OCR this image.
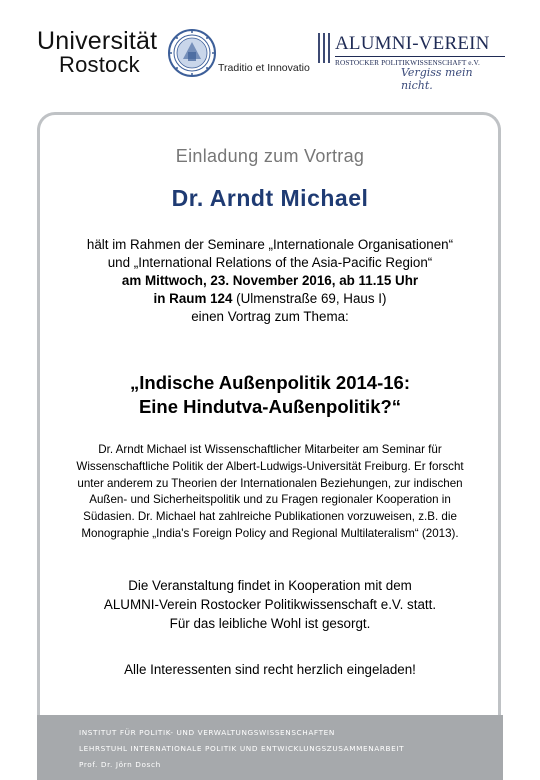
Universität
Rostock	Traditio et Innovatio
ALUMNI-VEREIN
ROSTOCKER POLITIKWISSENSCHAFT e.V.
Vergiss mein nicht.
Einladung zum Vortrag
Dr. Arndt Michael
hält im Rahmen der Seminare „Internationale Organisationen“
und „International Relations of the Asia-Pacific Region“
am Mittwoch, 23. November 2016, ab 11.15 Uhr
in Raum 124 (Ulmenstraße 69, Haus I)
einen Vortrag zum Thema:
„Indische Außenpolitik 2014-16:
Eine Hindutva-Außenpolitik?“
Dr. Arndt Michael ist Wissenschaftlicher Mitarbeiter am Seminar für
Wissenschaftliche Politik der Albert-Ludwigs-Universität Freiburg. Er forscht
unter anderem zu Theorien der Internationalen Beziehungen, zur indischen
Außen- und Sicherheitspolitik und zu Fragen regionaler Kooperation in
Südasien. Dr. Michael hat zahlreiche Publikationen vorzuweisen, z.B. die
Monographie „India's Foreign Policy and Regional Multilateralism“ (2013).
Die Veranstaltung findet in Kooperation mit dem
ALUMNI-Verein Rostocker Politikwissenschaft e.V. statt.
Für das leibliche Wohl ist gesorgt.
Alle Interessenten sind recht herzlich eingeladen!
INSTITUT FÜR POLITIK- UND VERWALTUNGSWISSENSCHAFTEN
LEHRSTUHL INTERNATIONALE POLITIK UND ENTWICKLUNGSZUSAMMENARBEIT
Prof. Dr. Jörn Dosch
